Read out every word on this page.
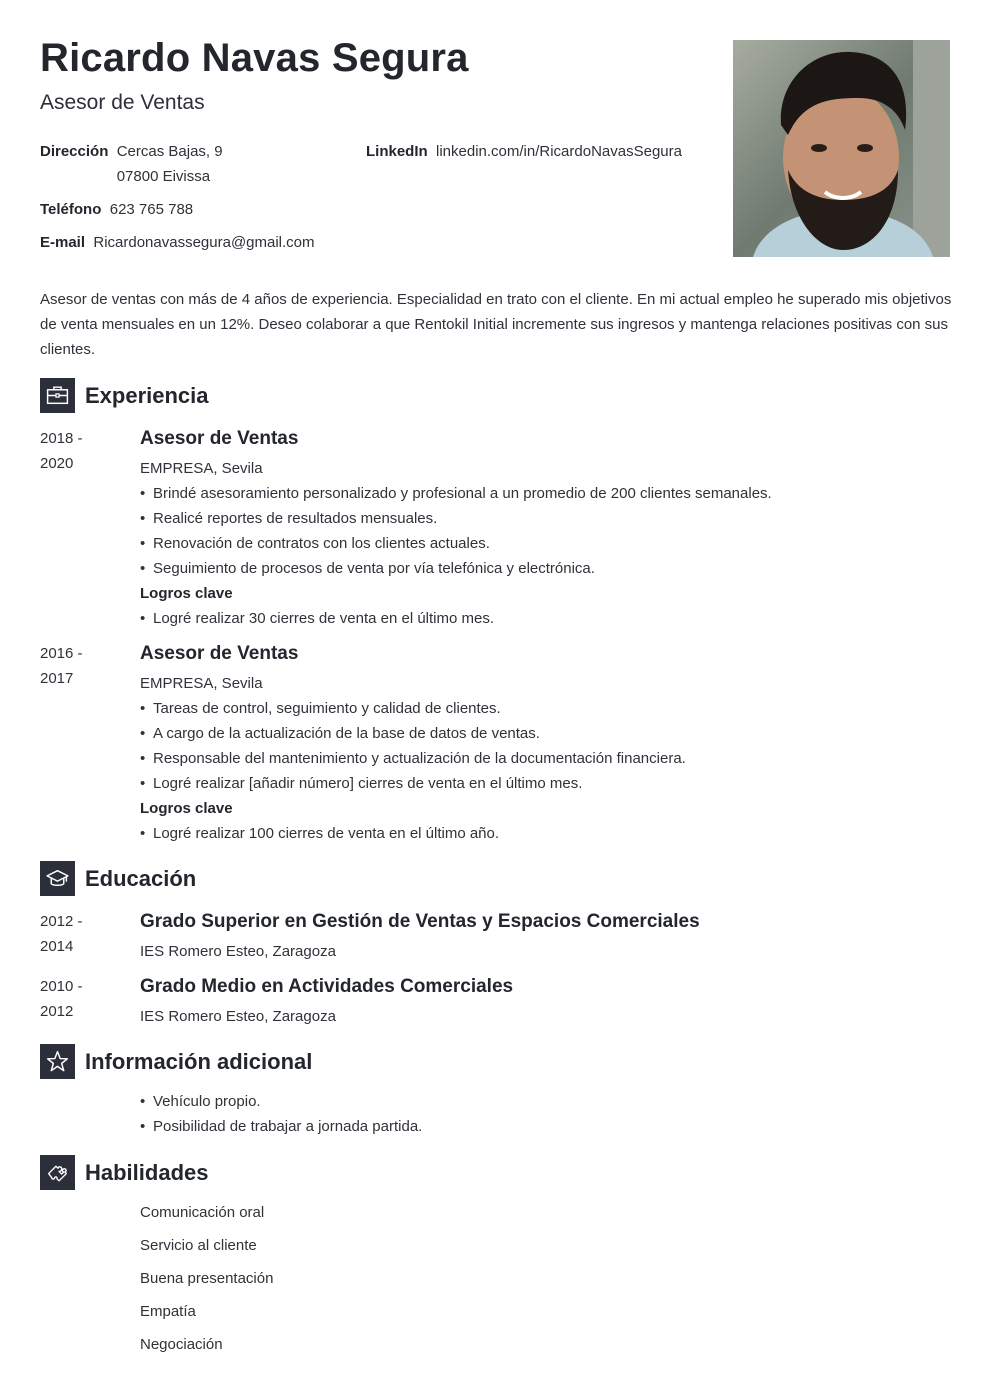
Ricardo Navas Segura
Asesor de Ventas
Dirección Cercas Bajas, 9
07800 Eivissa
LinkedIn linkedin.com/in/RicardoNavasSegura
Teléfono 623 765 788
E-mail Ricardonavassegura@gmail.com
Asesor de ventas con más de 4 años de experiencia. Especialidad en trato con el cliente. En mi actual empleo he superado mis objetivos de venta mensuales en un 12%. Deseo colaborar a que Rentokil Initial incremente sus ingresos y mantenga relaciones positivas con sus clientes.
Experiencia
2018 -
2020
Asesor de Ventas
EMPRESA, Sevila
• Brindé asesoramiento personalizado y profesional a un promedio de 200 clientes semanales.
• Realicé reportes de resultados mensuales.
• Renovación de contratos con los clientes actuales.
• Seguimiento de procesos de venta por vía telefónica y electrónica.
Logros clave
• Logré realizar 30 cierres de venta en el último mes.
2016 -
2017
Asesor de Ventas
EMPRESA, Sevila
• Tareas de control, seguimiento y calidad de clientes.
• A cargo de la actualización de la base de datos de ventas.
• Responsable del mantenimiento y actualización de la documentación financiera.
• Logré realizar [añadir número] cierres de venta en el último mes.
Logros clave
• Logré realizar 100 cierres de venta en el último año.
Educación
2012 -
2014
Grado Superior en Gestión de Ventas y Espacios Comerciales
IES Romero Esteo, Zaragoza
2010 -
2012
Grado Medio en Actividades Comerciales
IES Romero Esteo, Zaragoza
Información adicional
• Vehículo propio.
• Posibilidad de trabajar a jornada partida.
Habilidades
Comunicación oral
Servicio al cliente
Buena presentación
Empatía
Negociación
